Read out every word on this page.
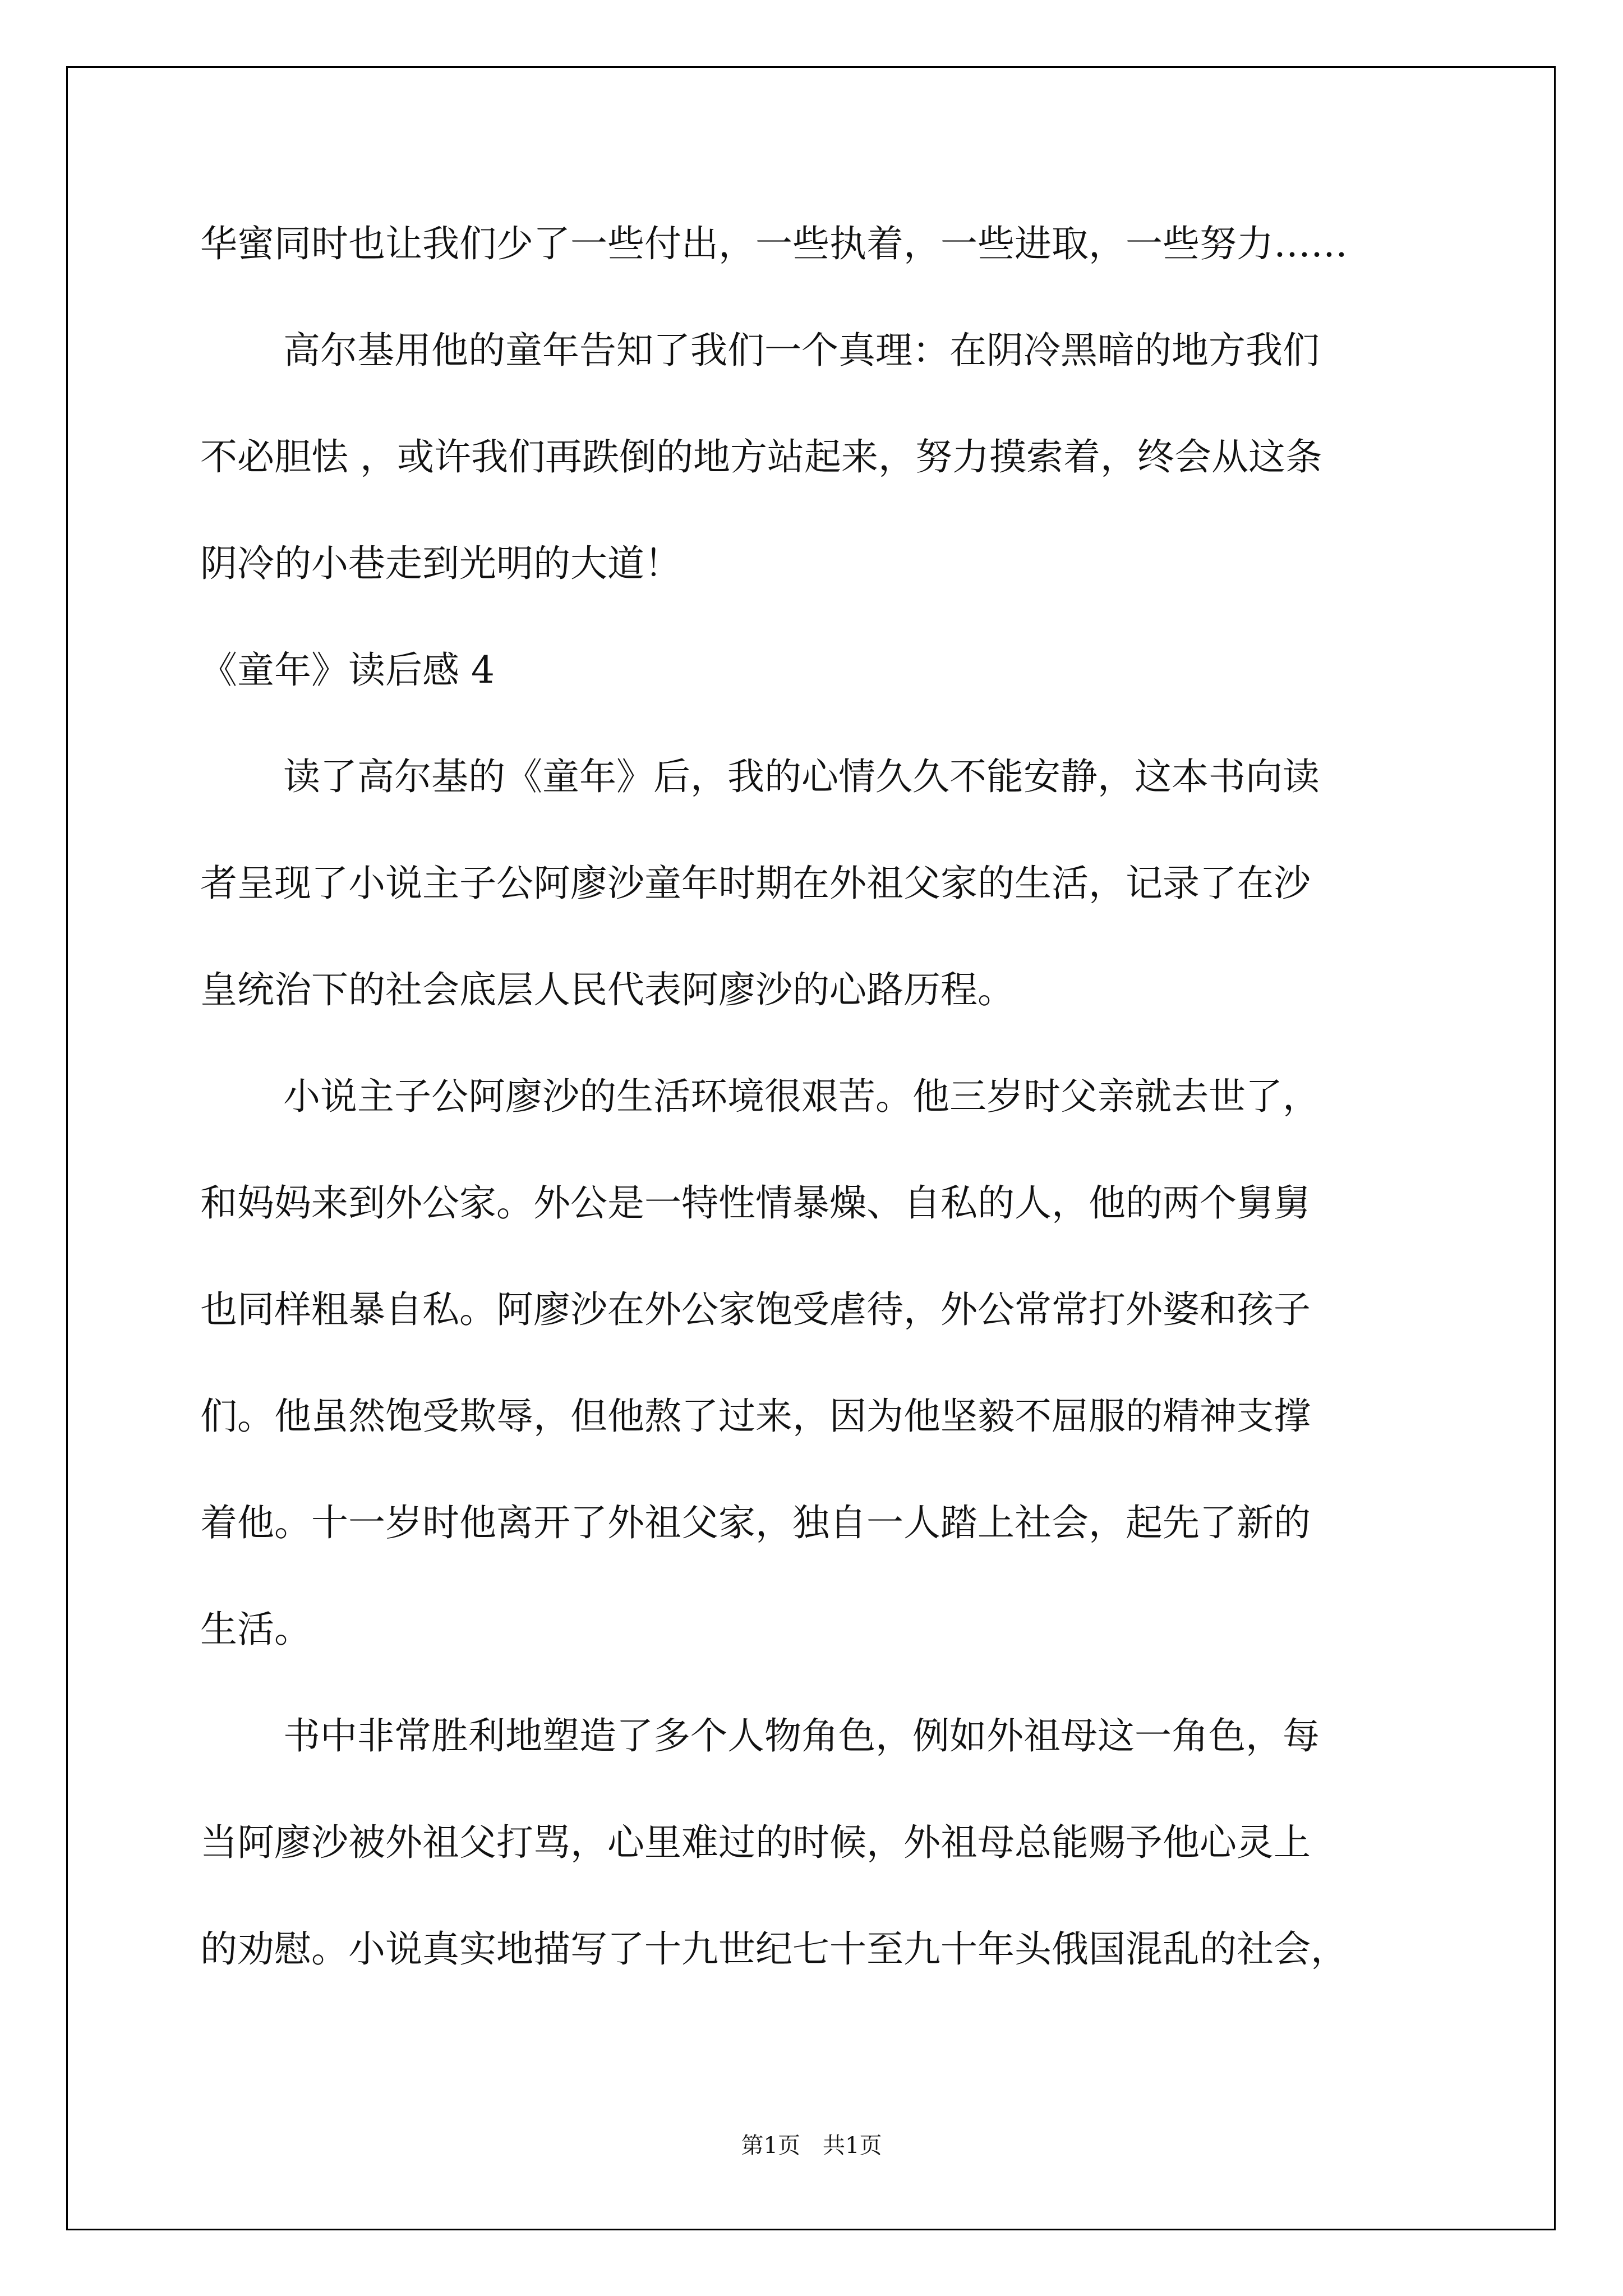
华蜜同时也让我们少了一些付出，一些执着，一些进取，一些努力……

高尔基用他的童年告知了我们一个真理：在阴冷黑暗的地方我们

不必胆怯 ，或许我们再跌倒的地方站起来，努力摸索着，终会从这条

阴冷的小巷走到光明的大道！

《童年》读后感 4

读了高尔基的《童年》后，我的心情久久不能安静，这本书向读

者呈现了小说主子公阿廖沙童年时期在外祖父家的生活，记录了在沙

皇统治下的社会底层人民代表阿廖沙的心路历程。

小说主子公阿廖沙的生活环境很艰苦。他三岁时父亲就去世了，

和妈妈来到外公家。外公是一特性情暴燥、自私的人，他的两个舅舅

也同样粗暴自私。阿廖沙在外公家饱受虐待，外公常常打外婆和孩子

们。他虽然饱受欺辱，但他熬了过来，因为他坚毅不屈服的精神支撑

着他。十一岁时他离开了外祖父家，独自一人踏上社会，起先了新的

生活。

书中非常胜利地塑造了多个人物角色，例如外祖母这一角色，每

当阿廖沙被外祖父打骂，心里难过的时候，外祖母总能赐予他心灵上

的劝慰。小说真实地描写了十九世纪七十至九十年头俄国混乱的社会，

第1页　共1页
